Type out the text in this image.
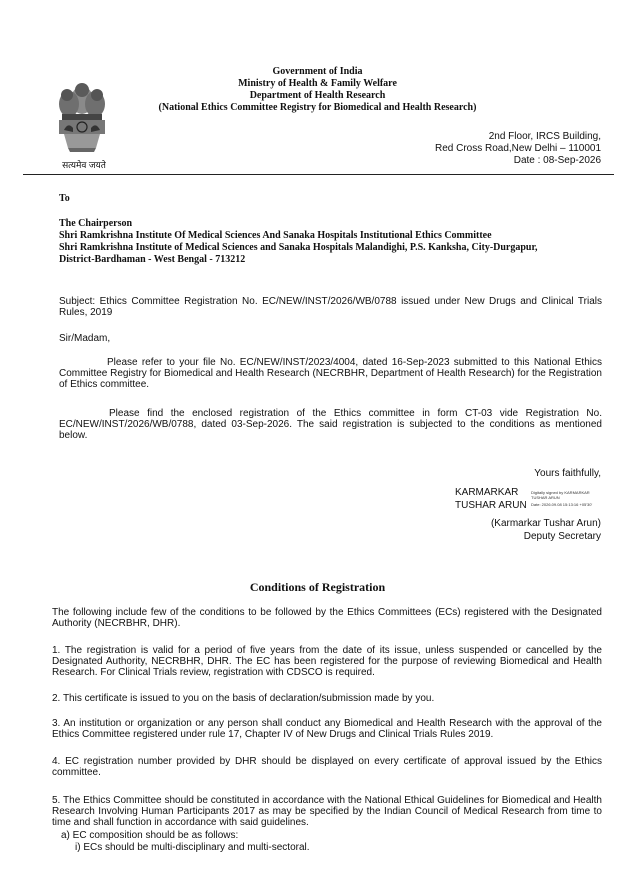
सत्यमेव जयते
Government of India
Ministry of Health & Family Welfare
Department of Health Research
(National Ethics Committee Registry for Biomedical and Health Research)
2nd Floor, IRCS Building,
Red Cross Road,New Delhi – 110001
Date : 08-Sep-2026
To
The Chairperson
Shri Ramkrishna Institute Of Medical Sciences And Sanaka Hospitals Institutional Ethics Committee
Shri Ramkrishna Institute of Medical Sciences and Sanaka Hospitals Malandighi, P.S. Kanksha, City-Durgapur,
District-Bardhaman - West Bengal - 713212
Subject: Ethics Committee Registration No. EC/NEW/INST/2026/WB/0788 issued under New Drugs and Clinical Trials Rules, 2019
Sir/Madam,
Please refer to your file No. EC/NEW/INST/2023/4004, dated 16-Sep-2023 submitted to this National Ethics Committee Registry for Biomedical and Health Research (NECRBHR, Department of Health Research) for the Registration of Ethics committee.
Please find the enclosed registration of the Ethics committee in form CT-03 vide Registration No. EC/NEW/INST/2026/WB/0788, dated 03-Sep-2026. The said registration is subjected to the conditions as mentioned below.
Yours faithfully,
KARMARKAR
TUSHAR ARUN
Digitally signed by KARMARKAR
TUSHAR ARUN
Date: 2026.09.08 15:13:16 +05'30'
(Karmarkar Tushar Arun)
Deputy Secretary
Conditions of Registration
The following include few of the conditions to be followed by the Ethics Committees (ECs) registered with the Designated Authority (NECRBHR, DHR).
1. The registration is valid for a period of five years from the date of its issue, unless suspended or cancelled by the Designated Authority, NECRBHR, DHR. The EC has been registered for the purpose of reviewing Biomedical and Health Research. For Clinical Trials review, registration with CDSCO is required.
2. This certificate is issued to you on the basis of declaration/submission made by you.
3. An institution or organization or any person shall conduct any Biomedical and Health Research with the approval of the Ethics Committee registered under rule 17, Chapter IV of New Drugs and Clinical Trials Rules 2019.
4. EC registration number provided by DHR should be displayed on every certificate of approval issued by the Ethics committee.
5. The Ethics Committee should be constituted in accordance with the National Ethical Guidelines for Biomedical and Health Research Involving Human Participants 2017 as may be specified by the Indian Council of Medical Research from time to time and shall function in accordance with said guidelines.
a) EC composition should be as follows:
i) ECs should be multi-disciplinary and multi-sectoral.
